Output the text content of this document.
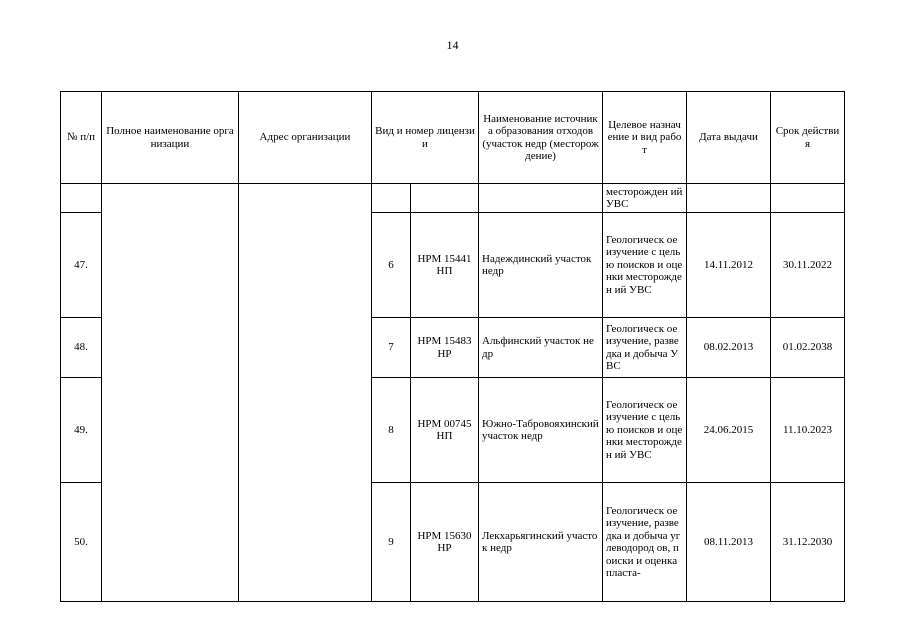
14
№ п/п	Полное наименование организации	Адрес организации	Вид и номер лицензии		Наименование источника образования отходов (участок недр (месторождение)	Целевое назначение и вид работ	Дата выдачи	Срок действия
						месторожден ий УВС		
47.			6	НРМ 15441 НП	Надеждинский участок недр	Геологическ ое изучение с целью поисков и оценки месторожден ий УВС	14.11.2012	30.11.2022
48.			7	НРМ 15483 НР	Альфинский участок недр	Геологическ ое изучение, разведка и добыча УВС	08.02.2013	01.02.2038
49.			8	НРМ 00745 НП	Южно-Табровояхинский участок недр	Геологическ ое изучение с целью поисков и оценки месторожден ий УВС	24.06.2015	11.10.2023
50.			9	НРМ 15630 НР	Лекхарьягинский участок недр	Геологическ ое изучение, разведка и добыча углеводород ов, поиски и оценка пласта-	08.11.2013	31.12.2030
